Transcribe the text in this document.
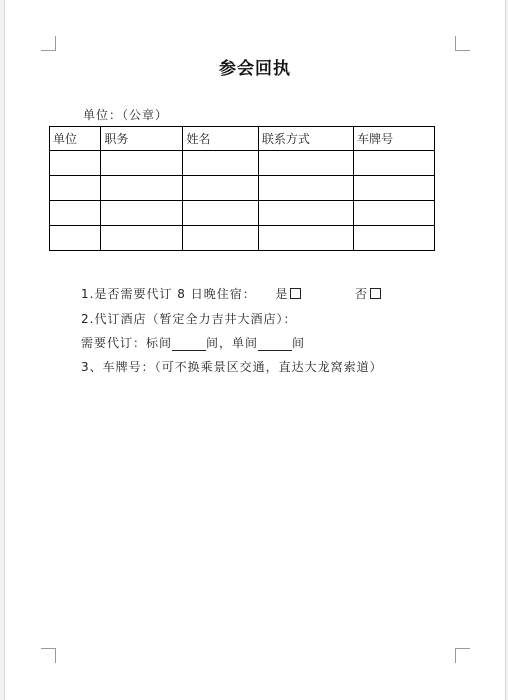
参会回执
单位：（公章）
单位	职务	姓名	联系方式	车牌号

1.是否需要代订 8 日晚住宿： 是	否
2.代订酒店（暂定全力吉井大酒店）：
需要代订：标间	间，单间	间
3、车牌号：（可不换乘景区交通，直达大龙窝索道）
